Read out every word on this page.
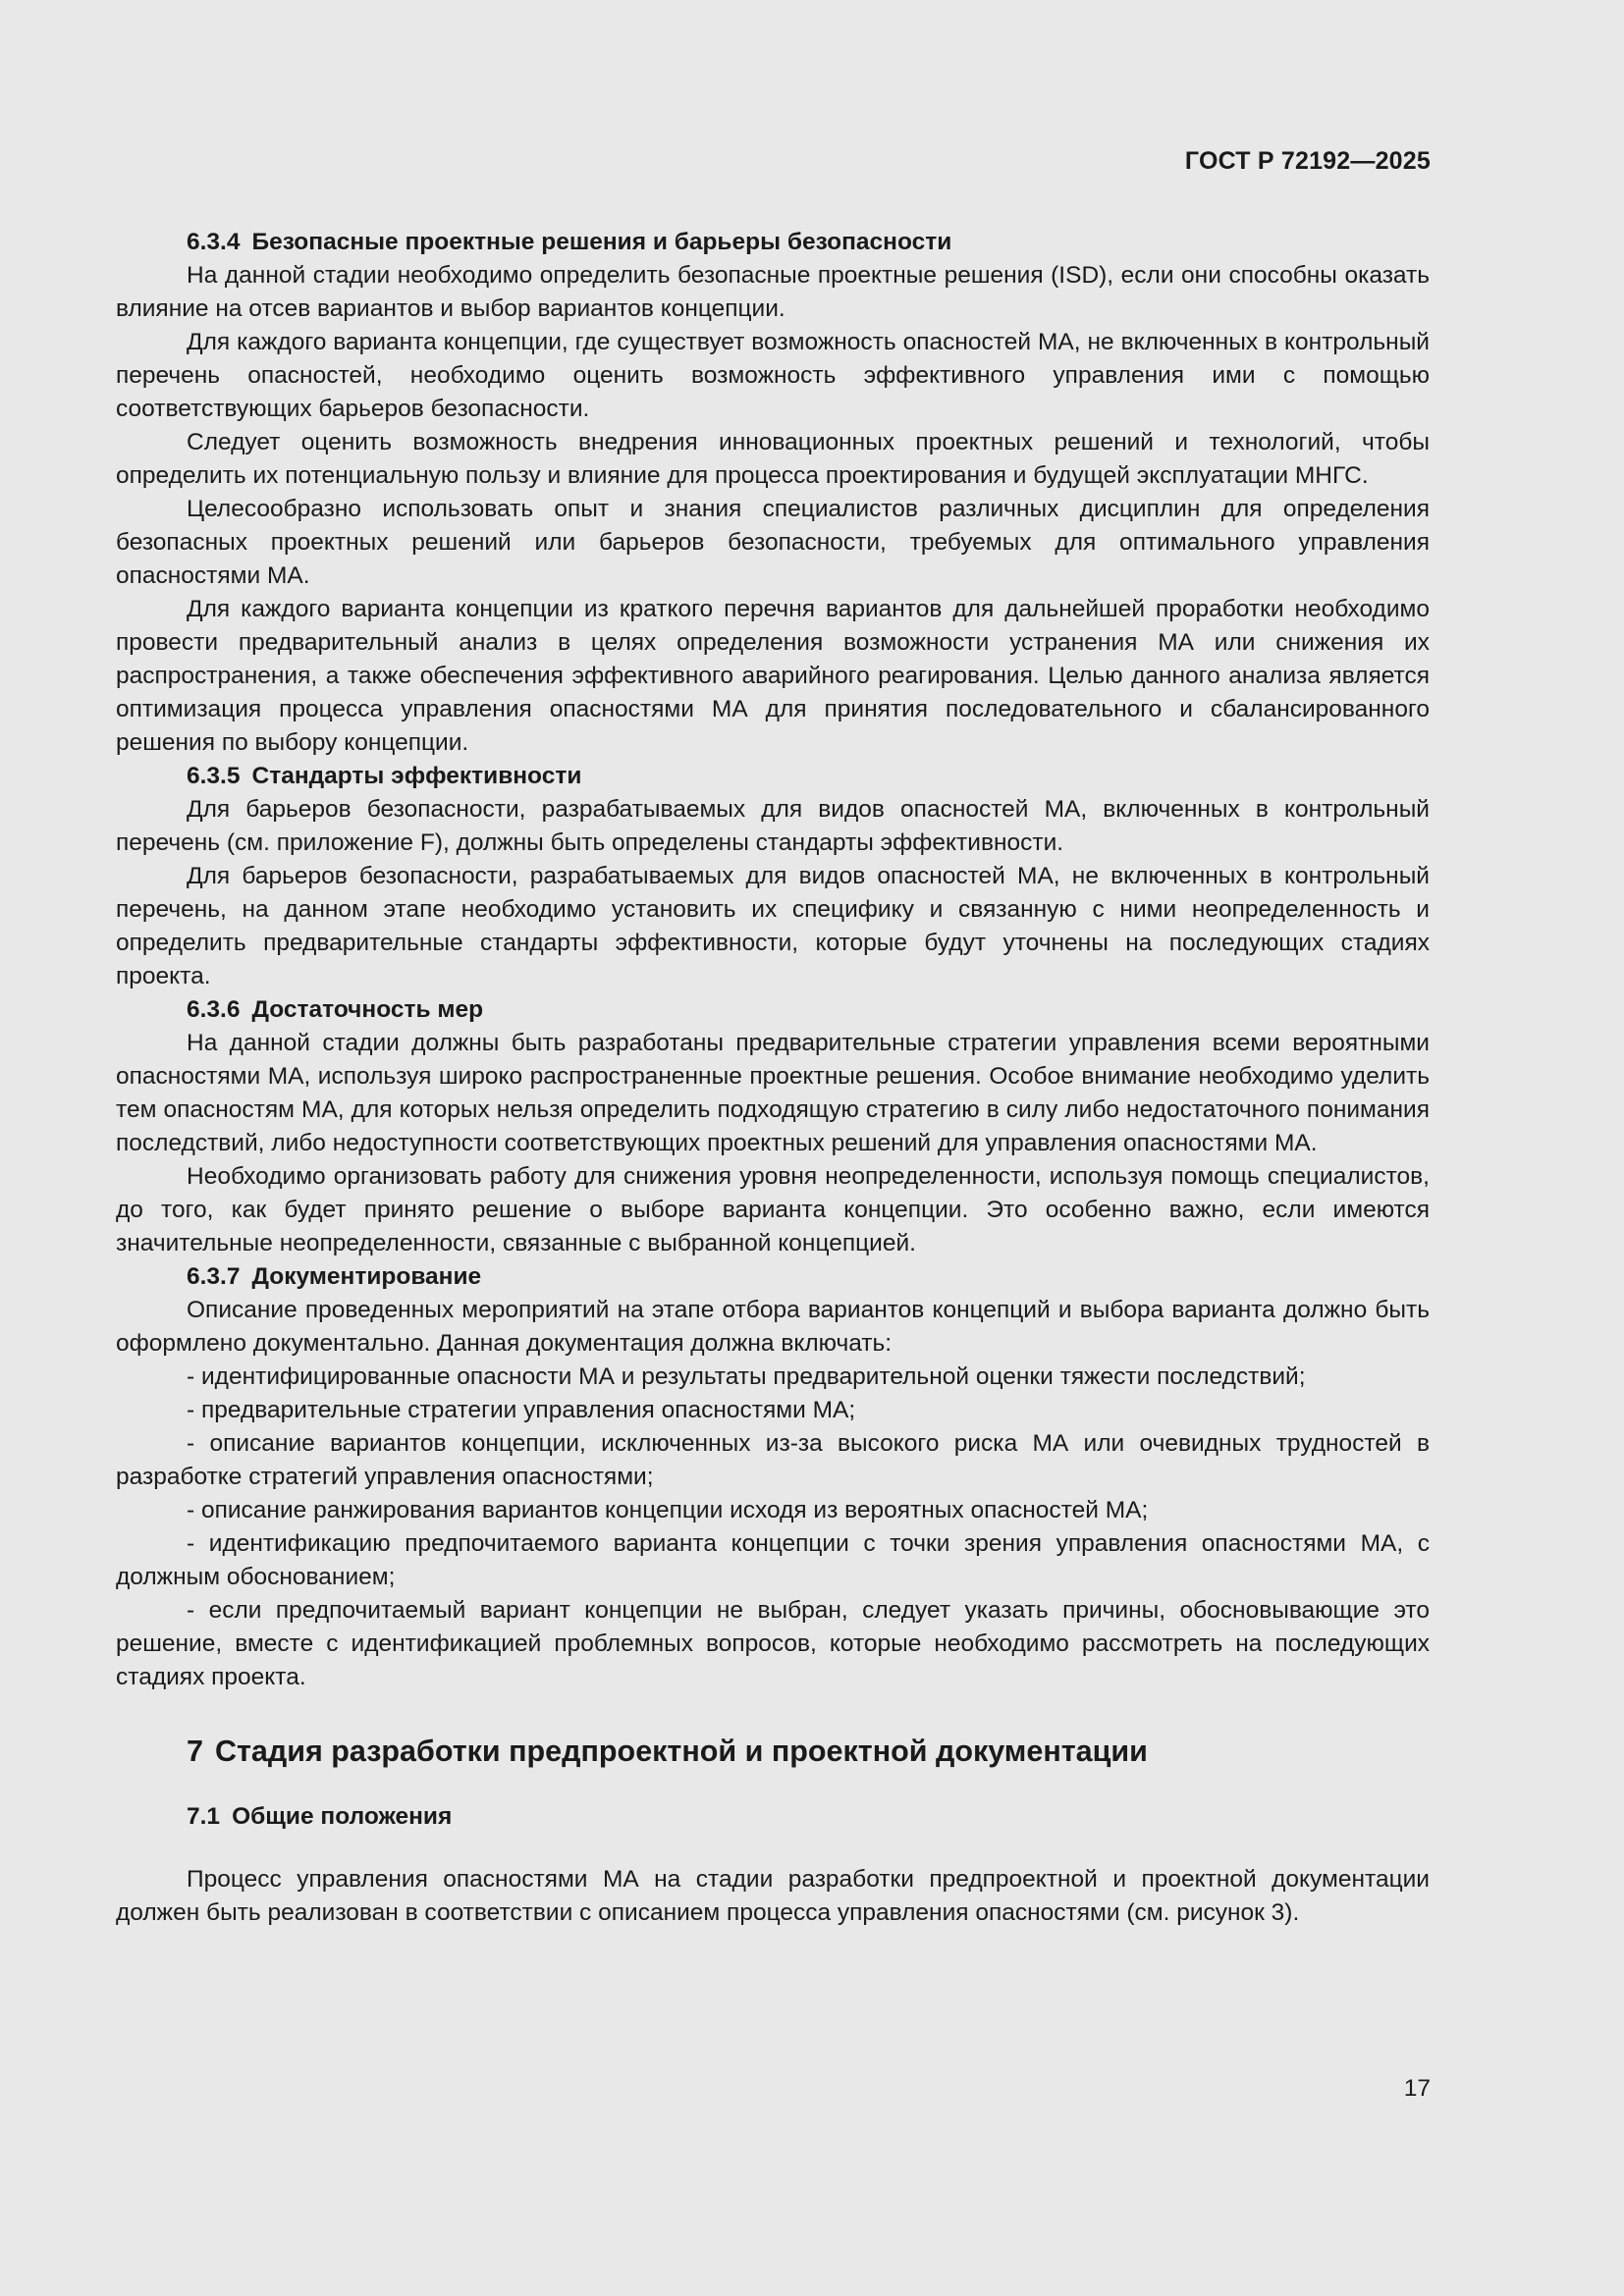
ГОСТ Р 72192—2025
6.3.4 Безопасные проектные решения и барьеры безопасности

На данной стадии необходимо определить безопасные проектные решения (ISD), если они способны оказать влияние на отсев вариантов и выбор вариантов концепции.

Для каждого варианта концепции, где существует возможность опасностей МА, не включенных в контрольный перечень опасностей, необходимо оценить возможность эффективного управления ими с помощью соответствующих барьеров безопасности.

Следует оценить возможность внедрения инновационных проектных решений и технологий, чтобы определить их потенциальную пользу и влияние для процесса проектирования и будущей эксплуатации МНГС.

Целесообразно использовать опыт и знания специалистов различных дисциплин для определения безопасных проектных решений или барьеров безопасности, требуемых для оптимального управления опасностями МА.

Для каждого варианта концепции из краткого перечня вариантов для дальнейшей проработки необходимо провести предварительный анализ в целях определения возможности устранения МА или снижения их распространения, а также обеспечения эффективного аварийного реагирования. Целью данного анализа является оптимизация процесса управления опасностями МА для принятия последовательного и сбалансированного решения по выбору концепции.

6.3.5 Стандарты эффективности

Для барьеров безопасности, разрабатываемых для видов опасностей МА, включенных в контрольный перечень (см. приложение F), должны быть определены стандарты эффективности.

Для барьеров безопасности, разрабатываемых для видов опасностей МА, не включенных в контрольный перечень, на данном этапе необходимо установить их специфику и связанную с ними неопределенность и определить предварительные стандарты эффективности, которые будут уточнены на последующих стадиях проекта.

6.3.6 Достаточность мер

На данной стадии должны быть разработаны предварительные стратегии управления всеми вероятными опасностями МА, используя широко распространенные проектные решения. Особое внимание необходимо уделить тем опасностям МА, для которых нельзя определить подходящую стратегию в силу либо недостаточного понимания последствий, либо недоступности соответствующих проектных решений для управления опасностями МА.

Необходимо организовать работу для снижения уровня неопределенности, используя помощь специалистов, до того, как будет принято решение о выборе варианта концепции. Это особенно важно, если имеются значительные неопределенности, связанные с выбранной концепцией.

6.3.7 Документирование

Описание проведенных мероприятий на этапе отбора вариантов концепций и выбора варианта должно быть оформлено документально. Данная документация должна включать:

- идентифицированные опасности МА и результаты предварительной оценки тяжести последствий;

- предварительные стратегии управления опасностями МА;

- описание вариантов концепции, исключенных из-за высокого риска МА или очевидных трудностей в разработке стратегий управления опасностями;

- описание ранжирования вариантов концепции исходя из вероятных опасностей МА;

- идентификацию предпочитаемого варианта концепции с точки зрения управления опасностями МА, с должным обоснованием;

- если предпочитаемый вариант концепции не выбран, следует указать причины, обосновывающие это решение, вместе с идентификацией проблемных вопросов, которые необходимо рассмотреть на последующих стадиях проекта.

7 Стадия разработки предпроектной и проектной документации
7.1 Общие положения

Процесс управления опасностями МА на стадии разработки предпроектной и проектной документации должен быть реализован в соответствии с описанием процесса управления опасностями (см. рисунок 3).

17
